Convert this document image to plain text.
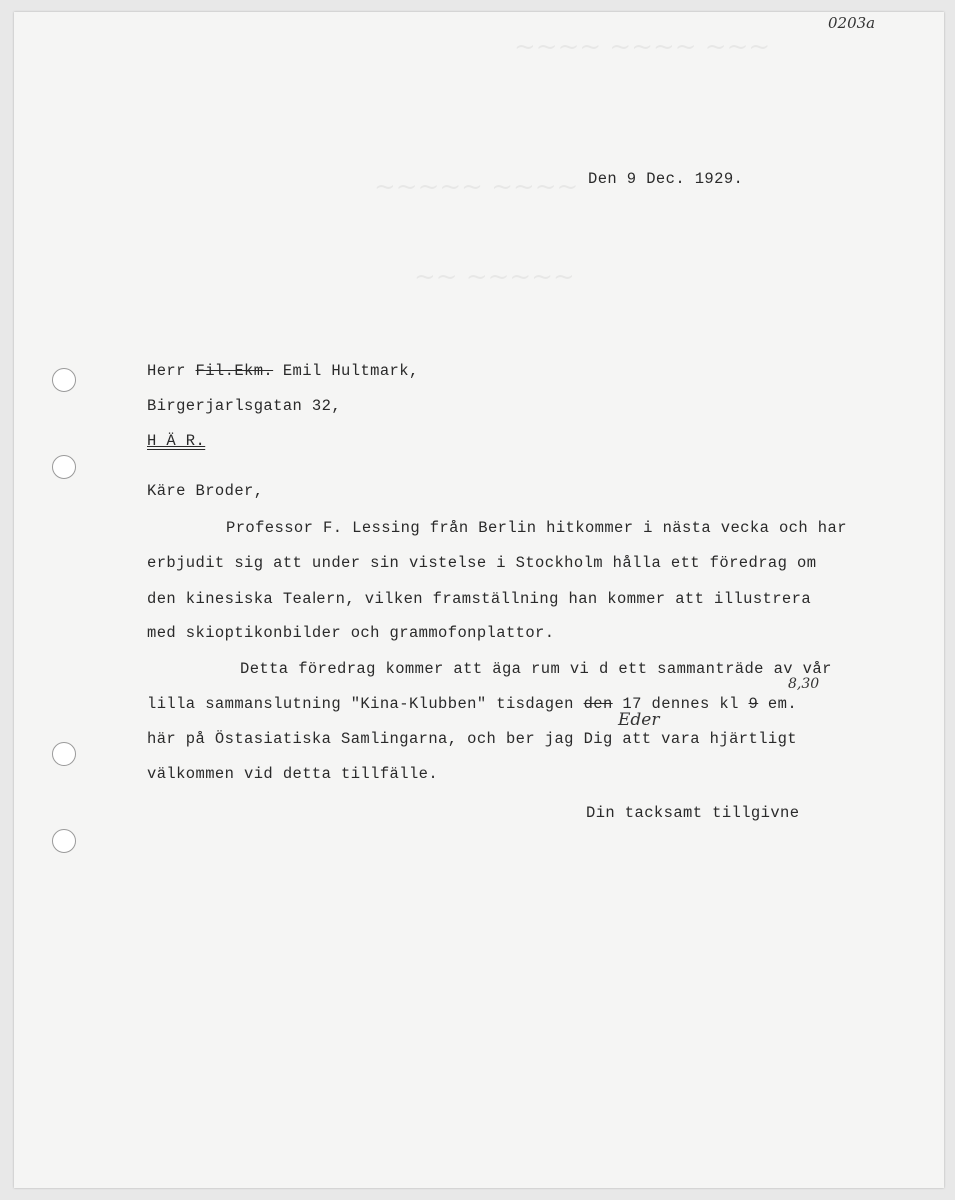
~~~~ ~~~~ ~~~
~~~~~ ~~~~
~~ ~~~~~
0203a
Den 9 Dec. 1929.
Herr Fil.Ekm. Emil Hultmark,
Birgerjarlsgatan 32,
H Ä R.
Käre Broder,
Professor F. Lessing från Berlin hitkommer i nästa vecka och har
erbjudit sig att under sin vistelse i Stockholm hålla ett föredrag om
den kinesiska Teaߊern, vilken framställning han kommer att illustrera
med skioptikonbilder och grammofonplattor.
Detta föredrag kommer att äga rum vi d ett sammanträde av vår
lilla sammanslutning "Kina-Klubben" tisdagen den 17 dennes kl 9 em.
8,30
Eder
här på Östasiatiska Samlingarna, och ber jag Dig att vara hjärtligt
välkommen vid detta tillfälle.
Din tacksamt tillgivne
